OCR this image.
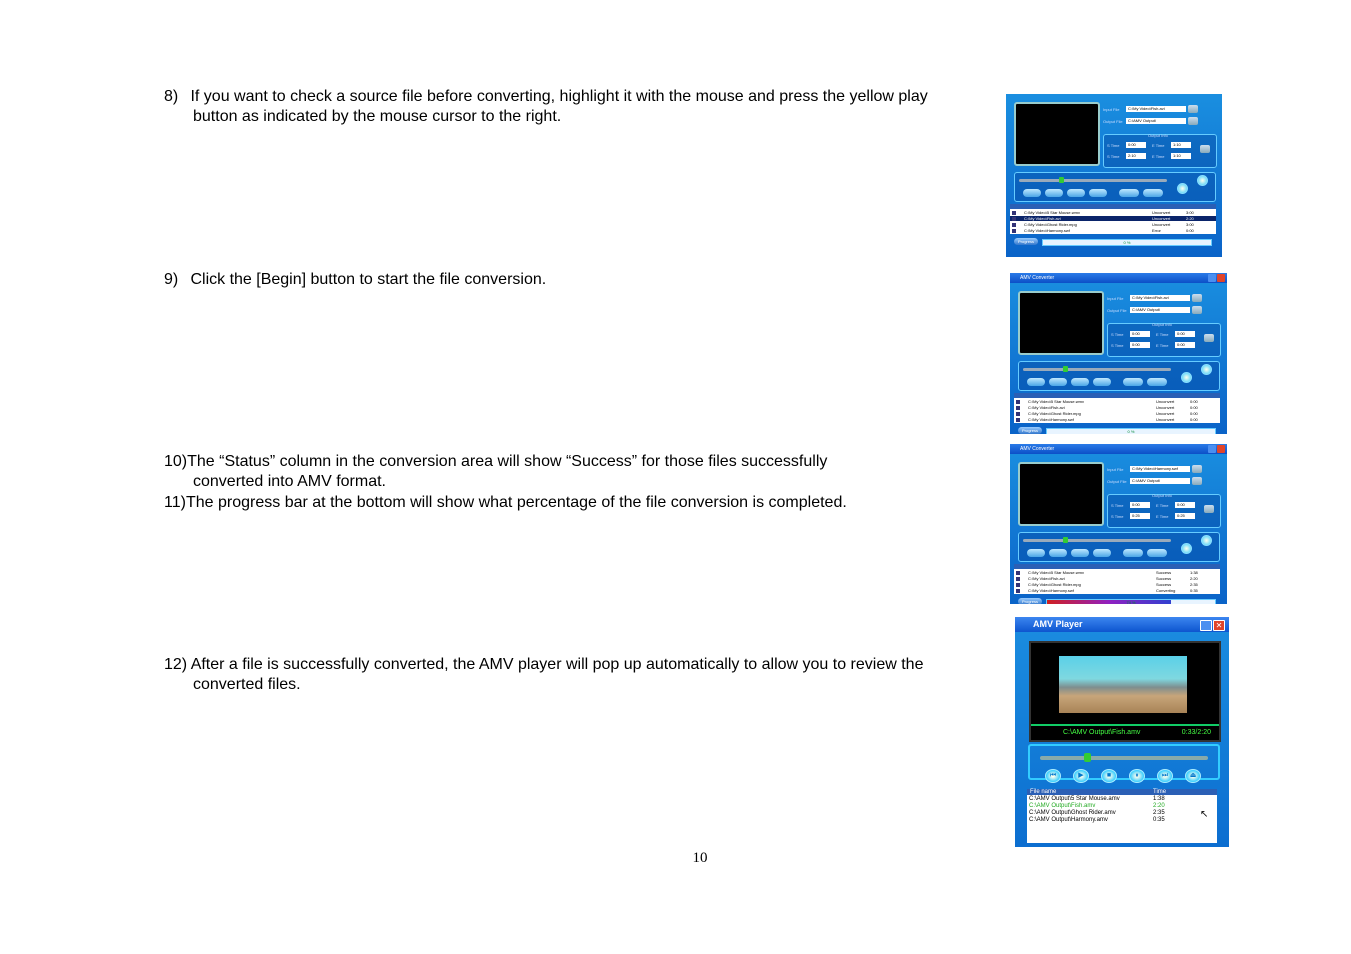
8) If you want to check a source file before converting, highlight it with the mouse and press the yellow play
button as indicated by the mouse cursor to the right.
9) Click the [Begin] button to start the file conversion.
10)The “Status” column in the conversion area will show “Success” for those files successfully
converted into AMV format.
11)The progress bar at the bottom will show what percentage of the file conversion is completed.
12) After a file is successfully converted, the AMV player will pop up automatically to allow you to review the
converted files.
10
Input File	C:\My Video\Fish.avi
Output File	C:\AMV Output\
Output Info
S Time	0:00	E Time	1:10
S Time	2:10	E Time	1:10
C:\My Video\5 Star Mouse.wmv	Unconvert	3:00
C:\My Video\Fish.avi	Unconvert	2:20
C:\My Video\Ghost Rider.mpg	Unconvert	3:00
C:\My Video\Harmony.swf	Error	0:00
Progress	0 %
AMV Converter
Input File	C:\My Video\Fish.avi
Output File	C:\AMV Output\
Output Info
S Time	0:00	E Time	0:00
S Time	0:00	E Time	0:00
C:\My Video\5 Star Mouse.wmv	Unconvert	0:00
C:\My Video\Fish.avi	Unconvert	0:00
C:\My Video\Ghost Rider.mpg	Unconvert	0:00
C:\My Video\Harmony.swf	Unconvert	0:00
Progress	0 %
AMV Converter
Input File	C:\My Video\Harmony.swf
Output File	C:\AMV Output\
Output Info
S Time	0:00	E Time	0:00
S Time	0:25	E Time	0:25
C:\My Video\5 Star Mouse.wmv	Success	1:38
C:\My Video\Fish.avi	Success	2:20
C:\My Video\Ghost Rider.mpg	Success	2:35
C:\My Video\Harmony.swf	Converting	0:35
Progress	74 %
AMV Player	✕
C:\AMV Output\Fish.amv	0:33/2:20
⏮	▶	■	⏸	⏭	⏏
File name	Time
C:\AMV Output\5 Star Mouse.amv	1:38
C:\AMV Output\Fish.amv	2:20
C:\AMV Output\Ghost Rider.amv	2:35
C:\AMV Output\Harmony.amv	0:35	↖
